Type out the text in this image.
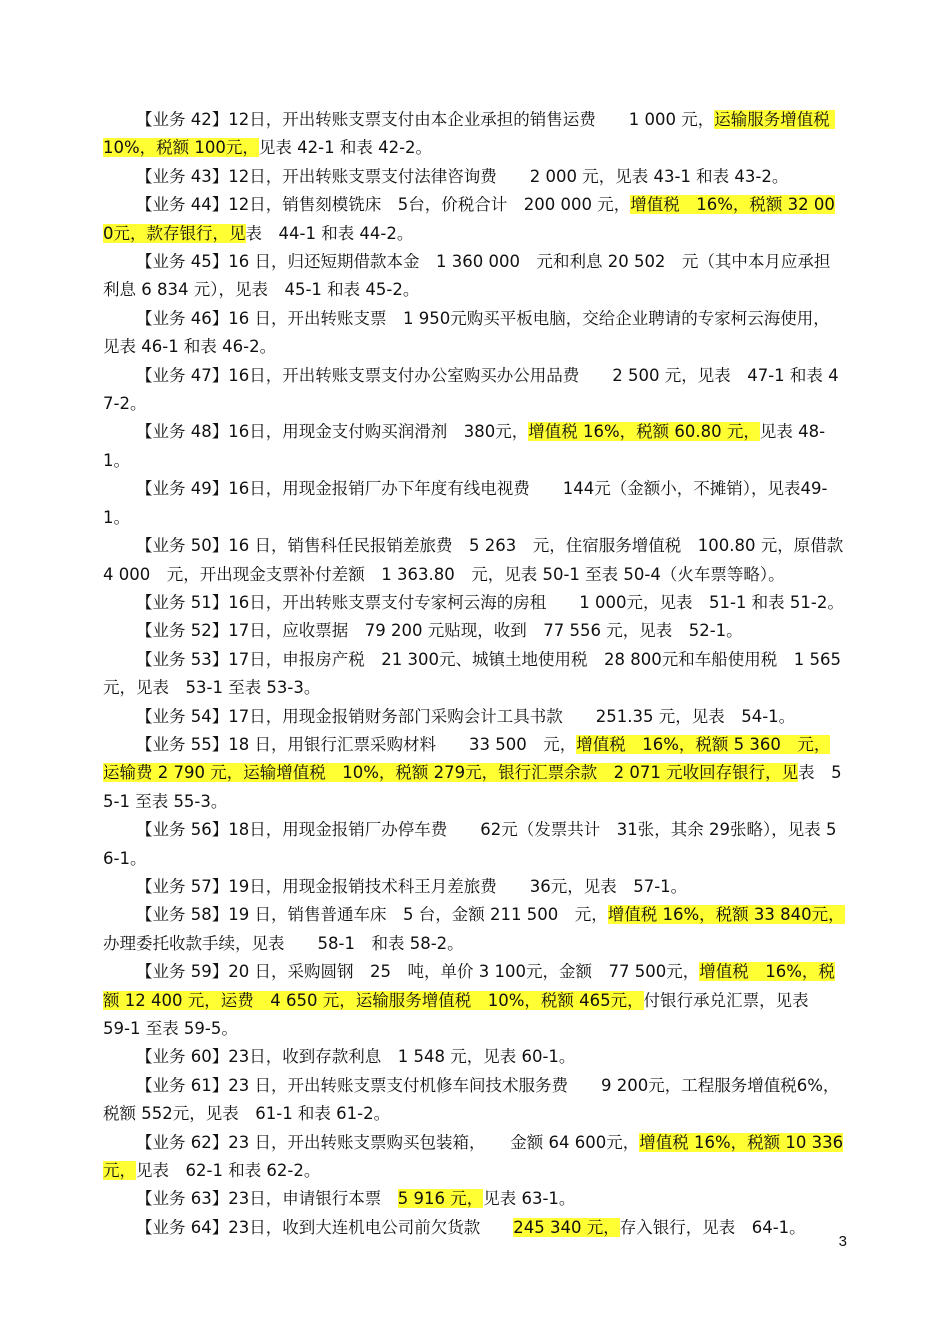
【业务 42】12日，开出转账支票支付由本企业承担的销售运费　　1 000 元，运输服务增值税 10%，税额 100元，见表 42-1 和表 42-2。

【业务 43】12日，开出转账支票支付法律咨询费　　2 000 元，见表 43-1 和表 43-2。

【业务 44】12日，销售刻模铣床　5台，价税合计　200 000 元，增值税　16%，税额 32 000元，款存银行，见表　44-1 和表 44-2。

【业务 45】16 日，归还短期借款本金　1 360 000　元和利息 20 502　元（其中本月应承担利息 6 834 元），见表　45-1 和表 45-2。

【业务 46】16 日，开出转账支票　1 950元购买平板电脑，交给企业聘请的专家柯云海使用，见表 46-1 和表 46-2。

【业务 47】16日，开出转账支票支付办公室购买办公用品费　　2 500 元，见表　47-1 和表 47-2。

【业务 48】16日，用现金支付购买润滑剂　380元，增值税 16%，税额 60.80 元，见表 48-1。

【业务 49】16日，用现金报销厂办下年度有线电视费　　144元（金额小，不摊销），见表49-1。

【业务 50】16 日，销售科任民报销差旅费　5 263　元，住宿服务增值税　100.80 元，原借款 4 000　元，开出现金支票补付差额　1 363.80　元，见表 50-1 至表 50-4（火车票等略）。

【业务 51】16日，开出转账支票支付专家柯云海的房租　　1 000元，见表　51-1 和表 51-2。

【业务 52】17日，应收票据　79 200 元贴现，收到　77 556 元，见表　52-1。

【业务 53】17日，申报房产税　21 300元、城镇土地使用税　28 800元和车船使用税　1 565 元，见表　53-1 至表 53-3。

【业务 54】17日，用现金报销财务部门采购会计工具书款　　251.35 元，见表　54-1。

【业务 55】18 日，用银行汇票采购材料　　33 500　元，增值税　16%，税额 5 360　元，运输费 2 790 元，运输增值税　10%，税额 279元，银行汇票余款　2 071 元收回存银行，见表　55-1 至表 55-3。

【业务 56】18日，用现金报销厂办停车费　　62元（发票共计　31张，其余 29张略），见表 56-1。

【业务 57】19日，用现金报销技术科王月差旅费　　36元，见表　57-1。

【业务 58】19 日，销售普通车床　5 台，金额 211 500　元，增值税 16%，税额 33 840元，办理委托收款手续，见表　　58-1　和表 58-2。

【业务 59】20 日，采购圆钢　25　吨，单价 3 100元，金额　77 500元，增值税　16%，税额 12 400 元，运费　4 650 元，运输服务增值税　10%，税额 465元，付银行承兑汇票，见表　　59-1 至表 59-5。

【业务 60】23日，收到存款利息　1 548 元，见表 60-1。

【业务 61】23 日，开出转账支票支付机修车间技术服务费　　9 200元，工程服务增值税6%，税额 552元，见表　61-1 和表 61-2。

【业务 62】23 日，开出转账支票购买包装箱，　　金额 64 600元，增值税 16%，税额 10 336元，见表　62-1 和表 62-2。

【业务 63】23日，申请银行本票　5 916 元，见表 63-1。

【业务 64】23日，收到大连机电公司前欠货款　　245 340 元，存入银行，见表　64-1。

3
